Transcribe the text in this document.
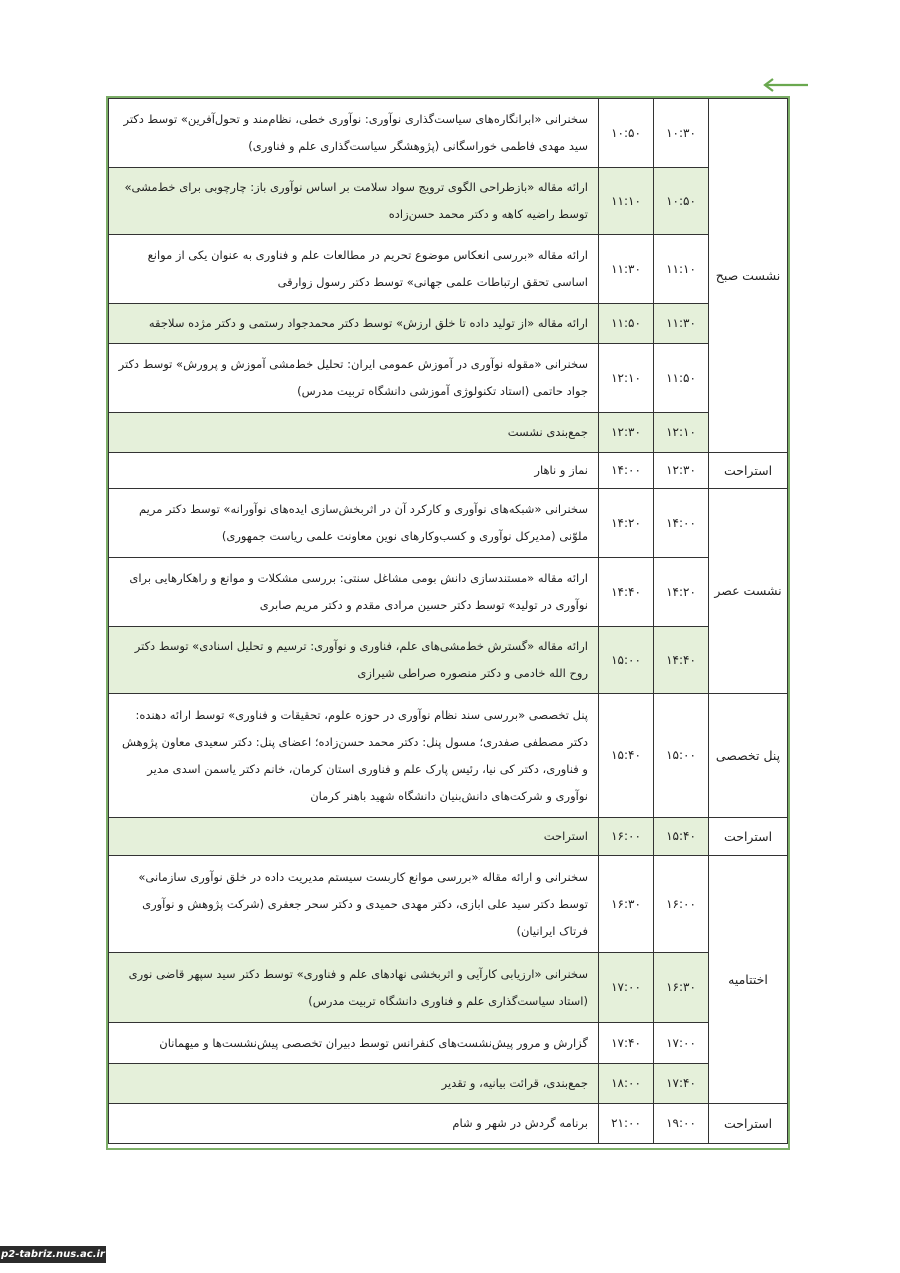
نشست صبح	۱۰:۳۰	۱۰:۵۰	سخنرانی «ابرانگاره‌های سیاست‌گذاری نوآوری: نوآوری خطی، نظام‌مند و تحول‌آفرین» توسط دکتر سید مهدی فاطمی خوراسگانی (پژوهشگر سیاست‌گذاری علم و فناوری)
	۱۰:۵۰	۱۱:۱۰	ارائه مقاله «بازطراحی الگوی ترویج سواد سلامت بر اساس نوآوری باز: چارچوبی برای خط‌مشی» توسط راضیه کاهه و دکتر محمد حسن‌زاده
	۱۱:۱۰	۱۱:۳۰	ارائه مقاله «بررسی انعکاس موضوع تحریم در مطالعات علم و فناوری به عنوان یکی از موانع اساسی تحقق ارتباطات علمی جهانی» توسط دکتر رسول زوارقی
	۱۱:۳۰	۱۱:۵۰	ارائه مقاله «از تولید داده تا خلق ارزش» توسط دکتر محمدجواد رستمی و دکتر مژده سلاجقه
	۱۱:۵۰	۱۲:۱۰	سخنرانی «مقوله نوآوری در آموزش عمومی ایران: تحلیل خط‌مشی آموزش و پرورش» توسط دکتر جواد حاتمی (استاد تکنولوژی آموزشی دانشگاه تربیت مدرس)
	۱۲:۱۰	۱۲:۳۰	جمع‌بندی نشست
استراحت	۱۲:۳۰	۱۴:۰۰	نماز و ناهار
نشست عصر	۱۴:۰۰	۱۴:۲۰	سخنرانی «شبکه‌های نوآوری و کارکرد آن در اثربخش‌سازی ایده‌های نوآورانه» توسط دکتر مریم ملوّنی (مدیرکل نوآوری و کسب‌وکارهای نوین معاونت علمی ریاست جمهوری)
	۱۴:۲۰	۱۴:۴۰	ارائه مقاله «مستندسازی دانش بومی مشاغل سنتی: بررسی مشکلات و موانع و راهکارهایی برای نوآوری در تولید» توسط دکتر حسین مرادی مقدم و دکتر مریم صابری
	۱۴:۴۰	۱۵:۰۰	ارائه مقاله «گسترش خط‌مشی‌های علم، فناوری و نوآوری: ترسیم و تحلیل اسنادی» توسط دکتر روح الله خادمی و دکتر منصوره صراطی شیرازی
پنل تخصصی	۱۵:۰۰	۱۵:۴۰	پنل تخصصی «بررسی سند نظام نوآوری در حوزه علوم، تحقیقات و فناوری» توسط ارائه دهنده: دکتر مصطفی صفدری؛ مسول پنل: دکتر محمد حسن‌زاده؛ اعضای پنل: دکتر سعیدی معاون پژوهش و فناوری، دکتر کی نیا، رئیس پارک علم و فناوری استان کرمان، خانم دکتر یاسمن اسدی مدیر نوآوری و شرکت‌های دانش‌بنیان دانشگاه شهید باهنر کرمان
استراحت	۱۵:۴۰	۱۶:۰۰	استراحت
اختتامیه	۱۶:۰۰	۱۶:۳۰	سخنرانی و ارائه مقاله «بررسی موانع کاربست سیستم مدیریت داده در خلق نوآوری سازمانی» توسط دکتر سید علی ابازی، دکتر مهدی حمیدی و دکتر سحر جعفری (شرکت پژوهش و نوآوری فرتاک ایرانیان)
	۱۶:۳۰	۱۷:۰۰	سخنرانی «ارزیابی کارآیی و اثربخشی نهادهای علم و فناوری» توسط دکتر سید سپهر قاضی نوری (استاد سیاست‌گذاری علم و فناوری دانشگاه تربیت مدرس)
	۱۷:۰۰	۱۷:۴۰	گزارش و مرور پیش‌نشست‌های کنفرانس توسط دبیران تخصصی پیش‌نشست‌ها و میهمانان
	۱۷:۴۰	۱۸:۰۰	جمع‌بندی، قرائت بیانیه، و تقدیر
استراحت	۱۹:۰۰	۲۱:۰۰	برنامه گردش در شهر و شام
p2-tabriz.nus.ac.ir
